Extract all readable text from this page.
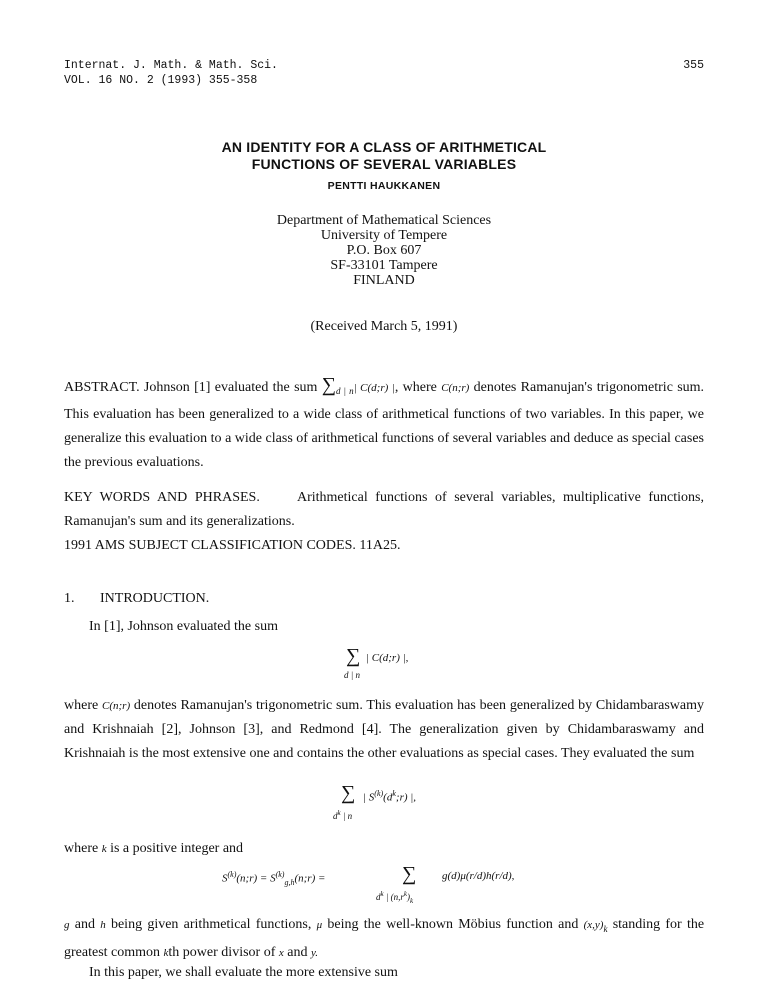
Internat. J. Math. & Math. Sci.
VOL. 16 NO. 2 (1993) 355-358
355
AN IDENTITY FOR A CLASS OF ARITHMETICAL
FUNCTIONS OF SEVERAL VARIABLES
PENTTI HAUKKANEN
Department of Mathematical Sciences
University of Tempere
P.O. Box 607
SF-33101 Tampere
FINLAND
(Received March 5, 1991)
ABSTRACT. Johnson [1] evaluated the sum $\sum_{d | n}|$ C(d;r) |, where C(n;r) denotes Ramanujan's trigonometric sum. This evaluation has been generalized to a wide class of arithmetical functions of two variables. In this paper, we generalize this evaluation to a wide class of arithmetical functions of several variables and deduce as special cases the previous evaluations.
KEY WORDS AND PHRASES.	Arithmetical functions of several variables, multiplicative functions, Ramanujan's sum and its generalizations.
1991 AMS SUBJECT CLASSIFICATION CODES. 11A25.
1. INTRODUCTION.
In [1], Johnson evaluated the sum
∑
d | n
| C(d;r) |,
where C(n;r) denotes Ramanujan's trigonometric sum. This evaluation has been generalized by Chidambaraswamy and Krishnaiah [2], Johnson [3], and Redmond [4]. The generalization given by Chidambaraswamy and Krishnaiah is the most extensive one and contains the other evaluations as special cases. They evaluated the sum
∑
$d^k$ | n
| $S^{(k)}(d^k;r)$ |,
where k is a positive integer and
$S^{(k)}(n;r)$ = $S^{(k)}_{g,h}(n;r)$ =	∑
$d^k$ | $(n,r^k)_k$
g(d)μ(r/d)h(r/d),
g and h being given arithmetical functions, μ being the well-known Möbius function and $(x,y)_k$ standing for the greatest common kth power divisor of x and y.
In this paper, we shall evaluate the more extensive sum
